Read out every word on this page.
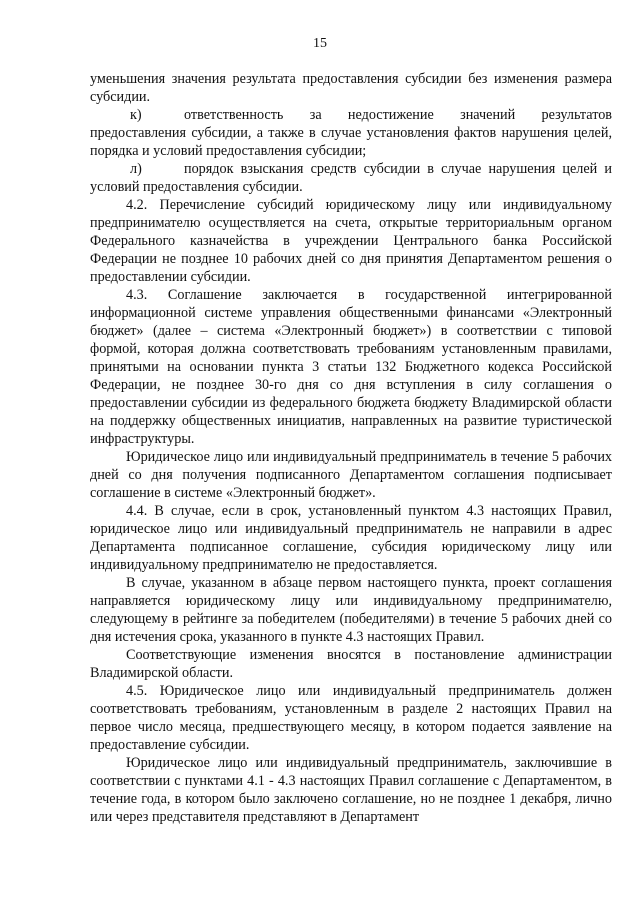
15

уменьшения значения результата предоставления субсидии без изменения размера субсидии.

к)	ответственность за недостижение значений результатов предоставления субсидии, а также в случае установления фактов нарушения целей, порядка и условий предоставления субсидии;

л)	порядок взыскания средств субсидии в случае нарушения целей и условий предоставления субсидии.

4.2. Перечисление субсидий юридическому лицу или индивидуальному предпринимателю осуществляется на счета, открытые территориальным органом Федерального казначейства в учреждении Центрального банка Российской Федерации не позднее 10 рабочих дней со дня принятия Департаментом решения о предоставлении субсидии.

4.3. Соглашение заключается в государственной интегрированной информационной системе управления общественными финансами «Электронный бюджет» (далее – система «Электронный бюджет») в соответствии с типовой формой, которая должна соответствовать требованиям установленным правилами, принятыми на основании пункта 3 статьи 132 Бюджетного кодекса Российской Федерации, не позднее 30-го дня со дня вступления в силу соглашения о предоставлении субсидии из федерального бюджета бюджету Владимирской области на поддержку общественных инициатив, направленных на развитие туристической инфраструктуры.

Юридическое лицо или индивидуальный предприниматель в течение 5 рабочих дней со дня получения подписанного Департаментом соглашения подписывает соглашение в системе «Электронный бюджет».

4.4. В случае, если в срок, установленный пунктом 4.3 настоящих Правил, юридическое лицо или индивидуальный предприниматель не направили в адрес Департамента подписанное соглашение, субсидия юридическому лицу или индивидуальному предпринимателю не предоставляется.

В случае, указанном в абзаце первом настоящего пункта, проект соглашения направляется юридическому лицу или индивидуальному предпринимателю, следующему в рейтинге за победителем (победителями) в течение 5 рабочих дней со дня истечения срока, указанного в пункте 4.3 настоящих Правил.

Соответствующие изменения вносятся в постановление администрации Владимирской области.

4.5. Юридическое лицо или индивидуальный предприниматель должен соответствовать требованиям, установленным в разделе 2 настоящих Правил на первое число месяца, предшествующего месяцу, в котором подается заявление на предоставление субсидии.

Юридическое лицо или индивидуальный предприниматель, заключившие в соответствии с пунктами 4.1 - 4.3 настоящих Правил соглашение с Департаментом, в течение года, в котором было заключено соглашение, но не позднее 1 декабря, лично или через представителя представляют в Департамент
